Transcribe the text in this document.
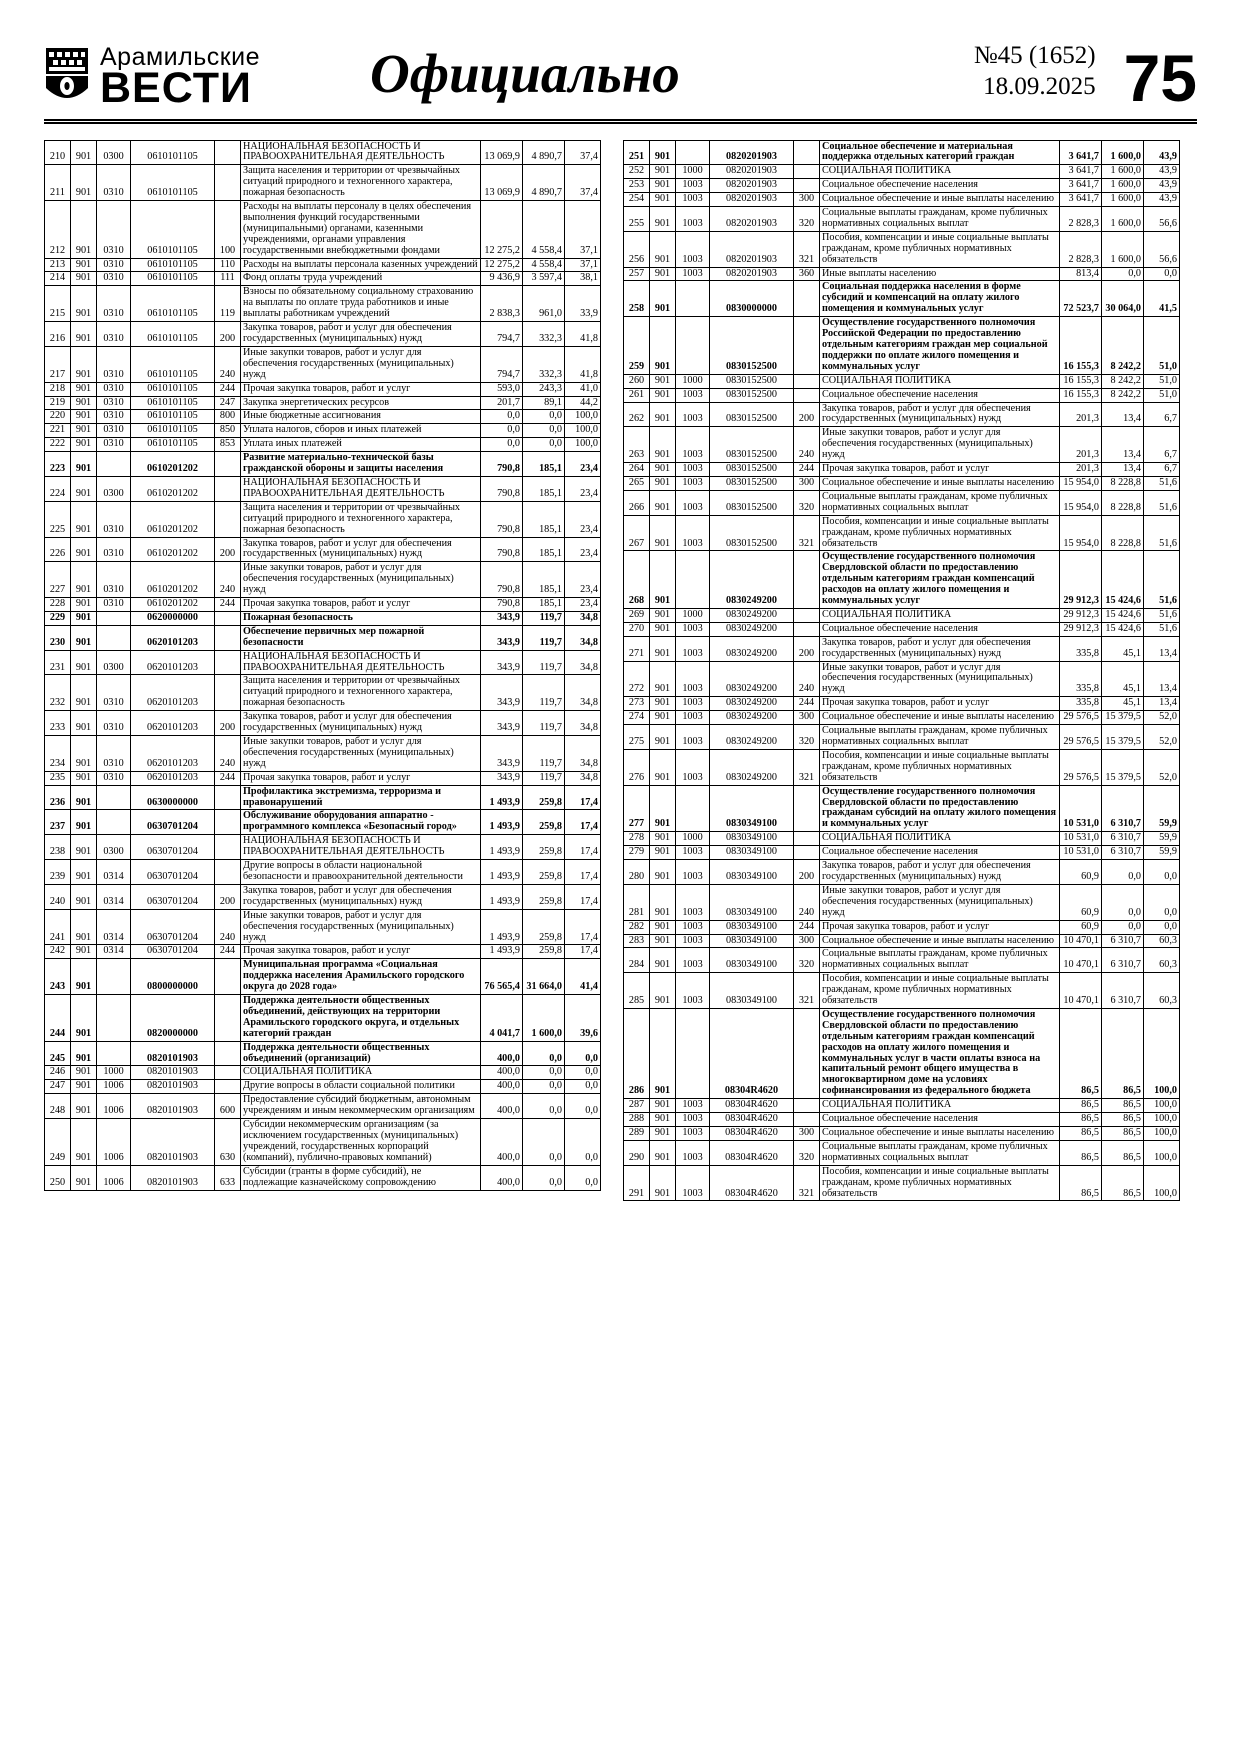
Арамильские
ВЕСТИ	Официально	№45 (1652)
18.09.2025 75
210	901	0300	0610101105		НАЦИОНАЛЬНАЯ БЕЗОПАСНОСТЬ И ПРАВООХРАНИТЕЛЬНАЯ ДЕЯТЕЛЬНОСТЬ	13 069,9	4 890,7	37,4
211	901	0310	0610101105		Защита населения и территории от чрезвычайных ситуаций природного и техногенного характера, пожарная безопасность	13 069,9	4 890,7	37,4
212	901	0310	0610101105	100	Расходы на выплаты персоналу в целях обеспечения выполнения функций государственными (муниципальными) органами, казенными учреждениями, органами управления государственными внебюджетными фондами	12 275,2	4 558,4	37,1
213	901	0310	0610101105	110	Расходы на выплаты персонала казенных учреждений	12 275,2	4 558,4	37,1
214	901	0310	0610101105	111	Фонд оплаты труда учреждений	9 436,9	3 597,4	38,1
215	901	0310	0610101105	119	Взносы по обязательному социальному страхованию на выплаты по оплате труда работников и иные выплаты работникам учреждений	2 838,3	961,0	33,9
216	901	0310	0610101105	200	Закупка товаров, работ и услуг для обеспечения государственных (муниципальных) нужд	794,7	332,3	41,8
217	901	0310	0610101105	240	Иные закупки товаров, работ и услуг для обеспечения государственных (муниципальных) нужд	794,7	332,3	41,8
218	901	0310	0610101105	244	Прочая закупка товаров, работ и услуг	593,0	243,3	41,0
219	901	0310	0610101105	247	Закупка энергетических ресурсов	201,7	89,1	44,2
220	901	0310	0610101105	800	Иные бюджетные ассигнования	0,0	0,0	100,0
221	901	0310	0610101105	850	Уплата налогов, сборов и иных платежей	0,0	0,0	100,0
222	901	0310	0610101105	853	Уплата иных платежей	0,0	0,0	100,0
223	901		0610201202		Развитие материально-технической базы гражданской обороны и защиты населения	790,8	185,1	23,4
224	901	0300	0610201202		НАЦИОНАЛЬНАЯ БЕЗОПАСНОСТЬ И ПРАВООХРАНИТЕЛЬНАЯ ДЕЯТЕЛЬНОСТЬ	790,8	185,1	23,4
225	901	0310	0610201202		Защита населения и территории от чрезвычайных ситуаций природного и техногенного характера, пожарная безопасность	790,8	185,1	23,4
226	901	0310	0610201202	200	Закупка товаров, работ и услуг для обеспечения государственных (муниципальных) нужд	790,8	185,1	23,4
227	901	0310	0610201202	240	Иные закупки товаров, работ и услуг для обеспечения государственных (муниципальных) нужд	790,8	185,1	23,4
228	901	0310	0610201202	244	Прочая закупка товаров, работ и услуг	790,8	185,1	23,4
229	901		0620000000		Пожарная безопасность	343,9	119,7	34,8
230	901		0620101203		Обеспечение первичных мер пожарной безопасности	343,9	119,7	34,8
231	901	0300	0620101203		НАЦИОНАЛЬНАЯ БЕЗОПАСНОСТЬ И ПРАВООХРАНИТЕЛЬНАЯ ДЕЯТЕЛЬНОСТЬ	343,9	119,7	34,8
232	901	0310	0620101203		Защита населения и территории от чрезвычайных ситуаций природного и техногенного характера, пожарная безопасность	343,9	119,7	34,8
233	901	0310	0620101203	200	Закупка товаров, работ и услуг для обеспечения государственных (муниципальных) нужд	343,9	119,7	34,8
234	901	0310	0620101203	240	Иные закупки товаров, работ и услуг для обеспечения государственных (муниципальных) нужд	343,9	119,7	34,8
235	901	0310	0620101203	244	Прочая закупка товаров, работ и услуг	343,9	119,7	34,8
236	901		0630000000		Профилактика экстремизма, терроризма и правонарушений	1 493,9	259,8	17,4
237	901		0630701204		Обслуживание оборудования аппаратно - программного комплекса «Безопасный город»	1 493,9	259,8	17,4
238	901	0300	0630701204		НАЦИОНАЛЬНАЯ БЕЗОПАСНОСТЬ И ПРАВООХРАНИТЕЛЬНАЯ ДЕЯТЕЛЬНОСТЬ	1 493,9	259,8	17,4
239	901	0314	0630701204		Другие вопросы в области национальной безопасности и правоохранительной деятельности	1 493,9	259,8	17,4
240	901	0314	0630701204	200	Закупка товаров, работ и услуг для обеспечения государственных (муниципальных) нужд	1 493,9	259,8	17,4
241	901	0314	0630701204	240	Иные закупки товаров, работ и услуг для обеспечения государственных (муниципальных) нужд	1 493,9	259,8	17,4
242	901	0314	0630701204	244	Прочая закупка товаров, работ и услуг	1 493,9	259,8	17,4
243	901		0800000000		Муниципальная программа «Социальная поддержка населения Арамильского городского округа до 2028 года»	76 565,4	31 664,0	41,4
244	901		0820000000		Поддержка деятельности общественных объединений, действующих на территории Арамильского городского округа, и отдельных категорий граждан	4 041,7	1 600,0	39,6
245	901		0820101903		Поддержка деятельности общественных объединений (организаций)	400,0	0,0	0,0
246	901	1000	0820101903		СОЦИАЛЬНАЯ ПОЛИТИКА	400,0	0,0	0,0
247	901	1006	0820101903		Другие вопросы в области социальной политики	400,0	0,0	0,0
248	901	1006	0820101903	600	Предоставление субсидий бюджетным, автономным учреждениям и иным некоммерческим организациям	400,0	0,0	0,0
249	901	1006	0820101903	630	Субсидии некоммерческим организациям (за исключением государственных (муниципальных) учреждений, государственных корпораций (компаний), публично-правовых компаний)	400,0	0,0	0,0
250	901	1006	0820101903	633	Субсидии (гранты в форме субсидий), не подлежащие казначейскому сопровождению	400,0	0,0	0,0
251	901		0820201903		Социальное обеспечение и материальная поддержка отдельных категорий граждан	3 641,7	1 600,0	43,9
252	901	1000	0820201903		СОЦИАЛЬНАЯ ПОЛИТИКА	3 641,7	1 600,0	43,9
253	901	1003	0820201903		Социальное обеспечение населения	3 641,7	1 600,0	43,9
254	901	1003	0820201903	300	Социальное обеспечение и иные выплаты населению	3 641,7	1 600,0	43,9
255	901	1003	0820201903	320	Социальные выплаты гражданам, кроме публичных нормативных социальных выплат	2 828,3	1 600,0	56,6
256	901	1003	0820201903	321	Пособия, компенсации и иные социальные выплаты гражданам, кроме публичных нормативных обязательств	2 828,3	1 600,0	56,6
257	901	1003	0820201903	360	Иные выплаты населению	813,4	0,0	0,0
258	901		0830000000		Социальная поддержка населения в форме субсидий и компенсаций на оплату жилого помещения и коммунальных услуг	72 523,7	30 064,0	41,5
259	901		0830152500		Осуществление государственного полномочия Российской Федерации по предоставлению отдельным категориям граждан мер социальной поддержки по оплате жилого помещения и коммунальных услуг	16 155,3	8 242,2	51,0
260	901	1000	0830152500		СОЦИАЛЬНАЯ ПОЛИТИКА	16 155,3	8 242,2	51,0
261	901	1003	0830152500		Социальное обеспечение населения	16 155,3	8 242,2	51,0
262	901	1003	0830152500	200	Закупка товаров, работ и услуг для обеспечения государственных (муниципальных) нужд	201,3	13,4	6,7
263	901	1003	0830152500	240	Иные закупки товаров, работ и услуг для обеспечения государственных (муниципальных) нужд	201,3	13,4	6,7
264	901	1003	0830152500	244	Прочая закупка товаров, работ и услуг	201,3	13,4	6,7
265	901	1003	0830152500	300	Социальное обеспечение и иные выплаты населению	15 954,0	8 228,8	51,6
266	901	1003	0830152500	320	Социальные выплаты гражданам, кроме публичных нормативных социальных выплат	15 954,0	8 228,8	51,6
267	901	1003	0830152500	321	Пособия, компенсации и иные социальные выплаты гражданам, кроме публичных нормативных обязательств	15 954,0	8 228,8	51,6
268	901		0830249200		Осуществление государственного полномочия Свердловской области по предоставлению отдельным категориям граждан компенсаций расходов на оплату жилого помещения и коммунальных услуг	29 912,3	15 424,6	51,6
269	901	1000	0830249200		СОЦИАЛЬНАЯ ПОЛИТИКА	29 912,3	15 424,6	51,6
270	901	1003	0830249200		Социальное обеспечение населения	29 912,3	15 424,6	51,6
271	901	1003	0830249200	200	Закупка товаров, работ и услуг для обеспечения государственных (муниципальных) нужд	335,8	45,1	13,4
272	901	1003	0830249200	240	Иные закупки товаров, работ и услуг для обеспечения государственных (муниципальных) нужд	335,8	45,1	13,4
273	901	1003	0830249200	244	Прочая закупка товаров, работ и услуг	335,8	45,1	13,4
274	901	1003	0830249200	300	Социальное обеспечение и иные выплаты населению	29 576,5	15 379,5	52,0
275	901	1003	0830249200	320	Социальные выплаты гражданам, кроме публичных нормативных социальных выплат	29 576,5	15 379,5	52,0
276	901	1003	0830249200	321	Пособия, компенсации и иные социальные выплаты гражданам, кроме публичных нормативных обязательств	29 576,5	15 379,5	52,0
277	901		0830349100		Осуществление государственного полномочия Свердловской области по предоставлению гражданам субсидий на оплату жилого помещения и коммунальных услуг	10 531,0	6 310,7	59,9
278	901	1000	0830349100		СОЦИАЛЬНАЯ ПОЛИТИКА	10 531,0	6 310,7	59,9
279	901	1003	0830349100		Социальное обеспечение населения	10 531,0	6 310,7	59,9
280	901	1003	0830349100	200	Закупка товаров, работ и услуг для обеспечения государственных (муниципальных) нужд	60,9	0,0	0,0
281	901	1003	0830349100	240	Иные закупки товаров, работ и услуг для обеспечения государственных (муниципальных) нужд	60,9	0,0	0,0
282	901	1003	0830349100	244	Прочая закупка товаров, работ и услуг	60,9	0,0	0,0
283	901	1003	0830349100	300	Социальное обеспечение и иные выплаты населению	10 470,1	6 310,7	60,3
284	901	1003	0830349100	320	Социальные выплаты гражданам, кроме публичных нормативных социальных выплат	10 470,1	6 310,7	60,3
285	901	1003	0830349100	321	Пособия, компенсации и иные социальные выплаты гражданам, кроме публичных нормативных обязательств	10 470,1	6 310,7	60,3
286	901		08304R4620		Осуществление государственного полномочия Свердловской области по предоставлению отдельным категориям граждан компенсаций расходов на оплату жилого помещения и коммунальных услуг в части оплаты взноса на капитальный ремонт общего имущества в многоквартирном доме на условиях софинансирования из федерального бюджета	86,5	86,5	100,0
287	901	1003	08304R4620		СОЦИАЛЬНАЯ ПОЛИТИКА	86,5	86,5	100,0
288	901	1003	08304R4620		Социальное обеспечение населения	86,5	86,5	100,0
289	901	1003	08304R4620	300	Социальное обеспечение и иные выплаты населению	86,5	86,5	100,0
290	901	1003	08304R4620	320	Социальные выплаты гражданам, кроме публичных нормативных социальных выплат	86,5	86,5	100,0
291	901	1003	08304R4620	321	Пособия, компенсации и иные социальные выплаты гражданам, кроме публичных нормативных обязательств	86,5	86,5	100,0
